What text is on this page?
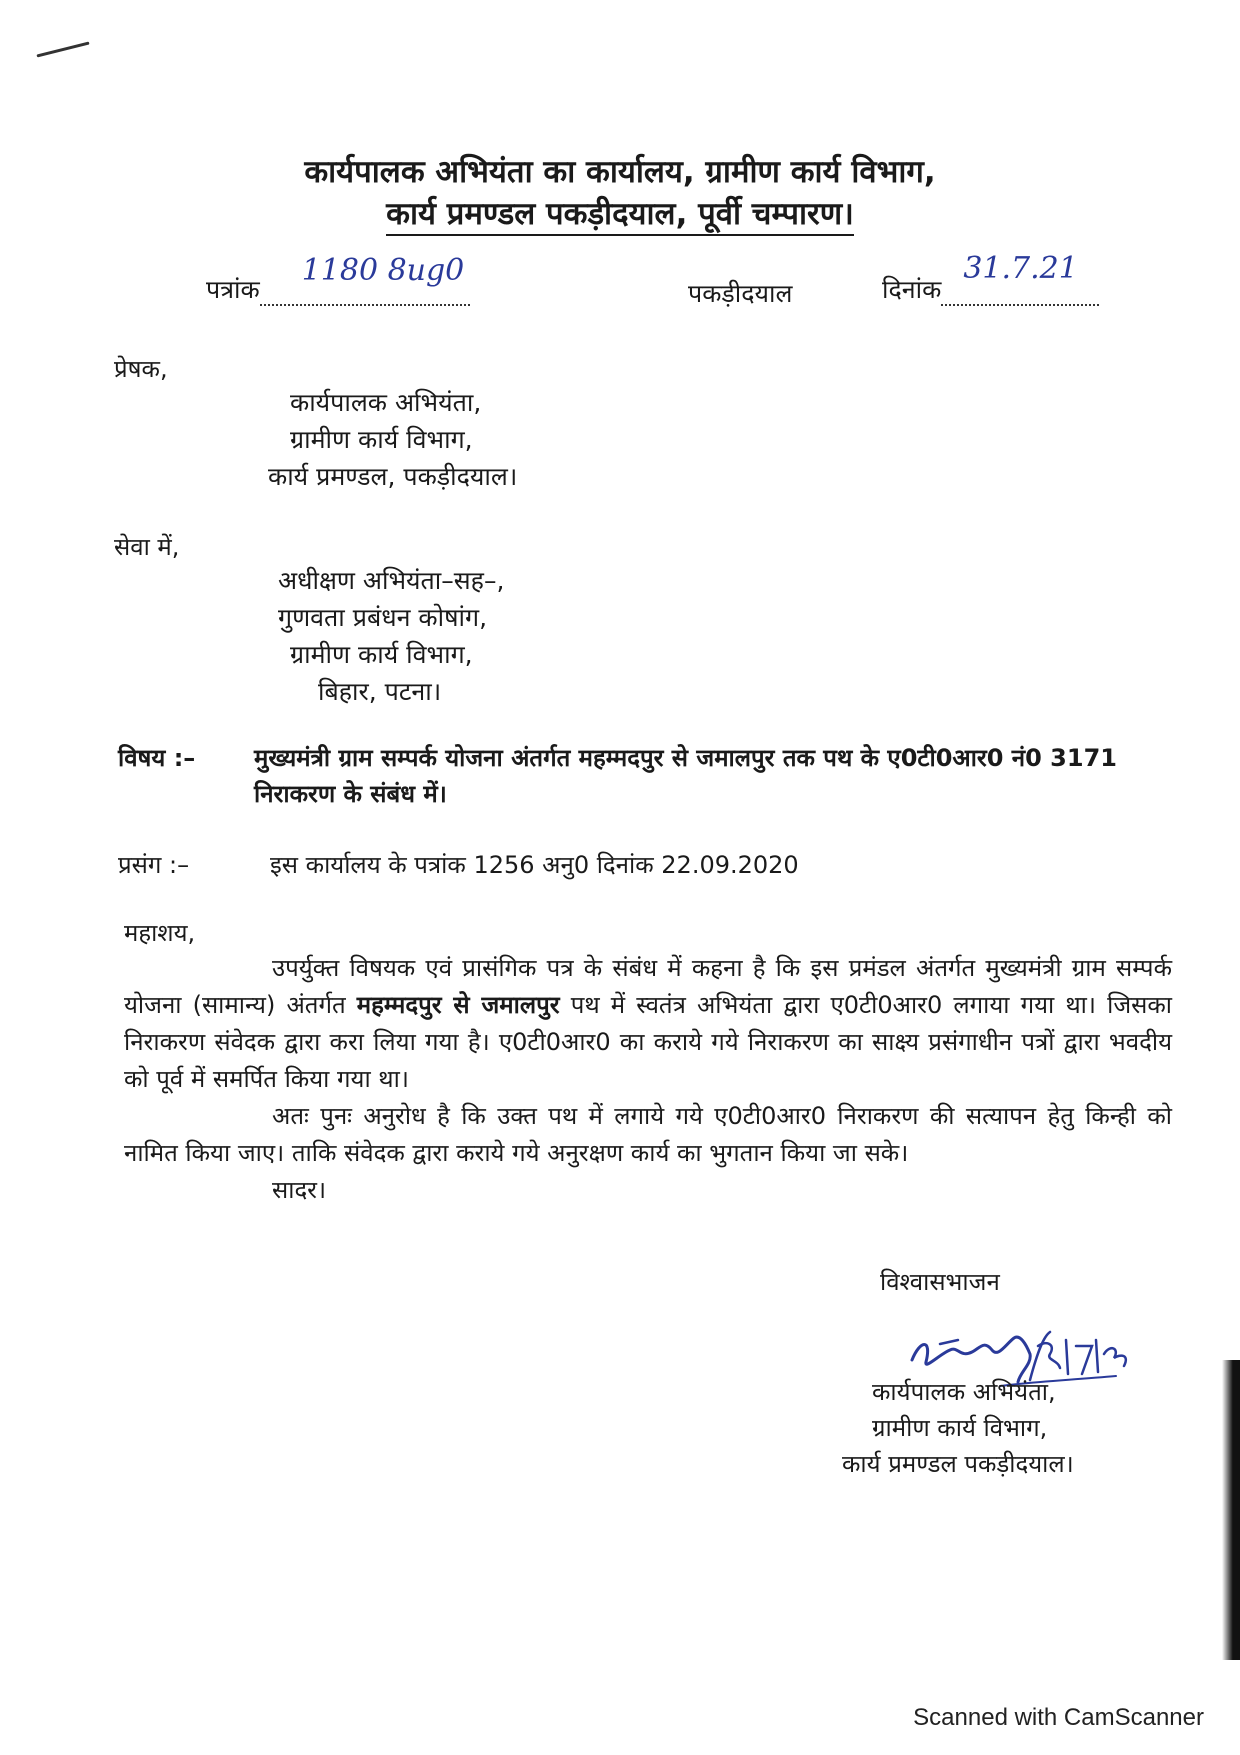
कार्यपालक अभियंता का कार्यालय, ग्रामीण कार्य विभाग,
कार्य प्रमण्डल पकड़ीदयाल, पूर्वी चम्पारण।
पत्रांक
1180 8ug0

पकड़ीदयाल	दिनांक
31.7.21

प्रेषक,
कार्यपालक अभियंता,
ग्रामीण कार्य विभाग,
कार्य प्रमण्डल, पकड़ीदयाल।
सेवा में,
अधीक्षण अभियंता–सह–,
गुणवता प्रबंधन कोषांग,
ग्रामीण कार्य विभाग,
बिहार, पटना।
विषय :– मुख्यमंत्री ग्राम सम्पर्क योजना अंतर्गत महम्मदपुर से जमालपुर तक पथ के ए0टी0आर0 नं0 3171 निराकरण के संबंध में।
प्रसंग :–	इस कार्यालय के पत्रांक 1256 अनु0 दिनांक 22.09.2020
महाशय,

उपर्युक्त विषयक एवं प्रासंगिक पत्र के संबंध में कहना है कि इस प्रमंडल अंतर्गत मुख्यमंत्री ग्राम सम्पर्क योजना (सामान्य) अंतर्गत महम्मदपुर से जमालपुर पथ में स्वतंत्र अभियंता द्वारा ए0टी0आर0 लगाया गया था। जिसका निराकरण संवेदक द्वारा करा लिया गया है। ए0टी0आर0 का कराये गये निराकरण का साक्ष्य प्रसंगाधीन पत्रों द्वारा भवदीय को पूर्व में समर्पित किया गया था।

अतः पुनः अनुरोध है कि उक्त पथ में लगाये गये ए0टी0आर0 निराकरण की सत्यापन हेतु किन्ही को नामित किया जाए। ताकि संवेदक द्वारा कराये गये अनुरक्षण कार्य का भुगतान किया जा सके।

सादर।

विश्वासभाजन
कार्यपालक अभियंता,
ग्रामीण कार्य विभाग,
कार्य प्रमण्डल पकड़ीदयाल।
Scanned with CamScanner
